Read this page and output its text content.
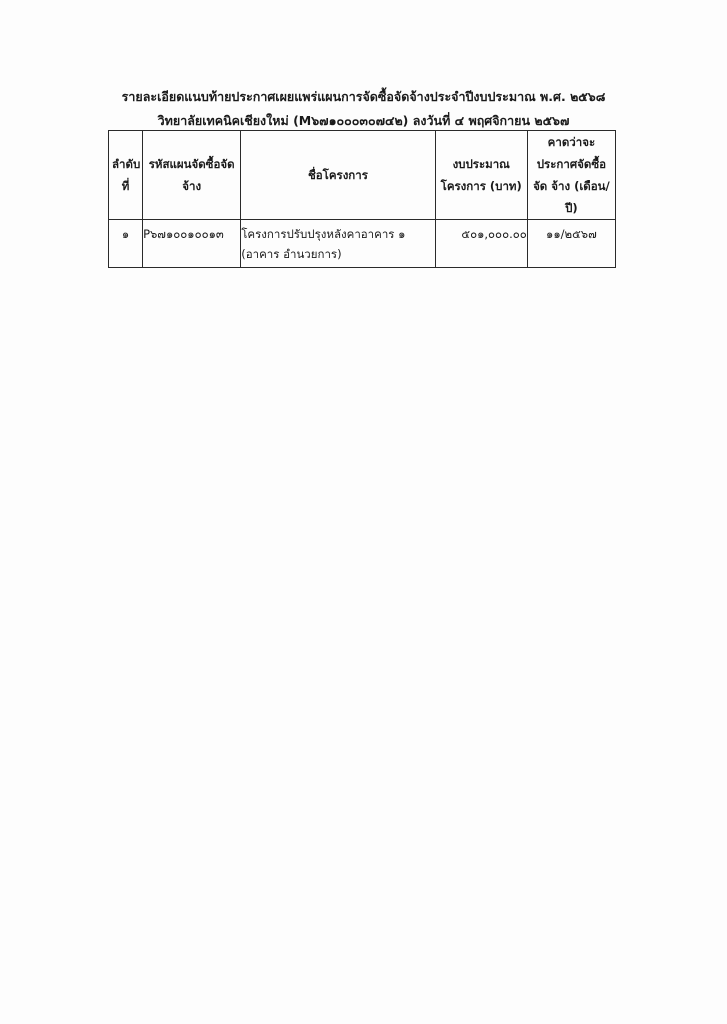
รายละเอียดแนบท้ายประกาศเผยแพร่แผนการจัดซื้อจัดจ้างประจำปีงบประมาณ พ.ศ. ๒๕๖๘
วิทยาลัยเทคนิคเชียงใหม่ (M๖๗๑๐๐๐๓๐๗๔๒) ลงวันที่ ๔ พฤศจิกายน ๒๕๖๗
ลำดับ ที่	รหัสแผนจัดซื้อจัด จ้าง	ชื่อโครงการ	งบประมาณ โครงการ (บาท)	คาดว่าจะ ประกาศจัดซื้อจัด จ้าง (เดือน/ปี)

๑	P๖๗๑๐๐๑๐๐๑๓	โครงการปรับปรุงหลังคาอาคาร ๑ (อาคาร อำนวยการ)	๕๐๑,๐๐๐.๐๐	๑๑/๒๕๖๗
